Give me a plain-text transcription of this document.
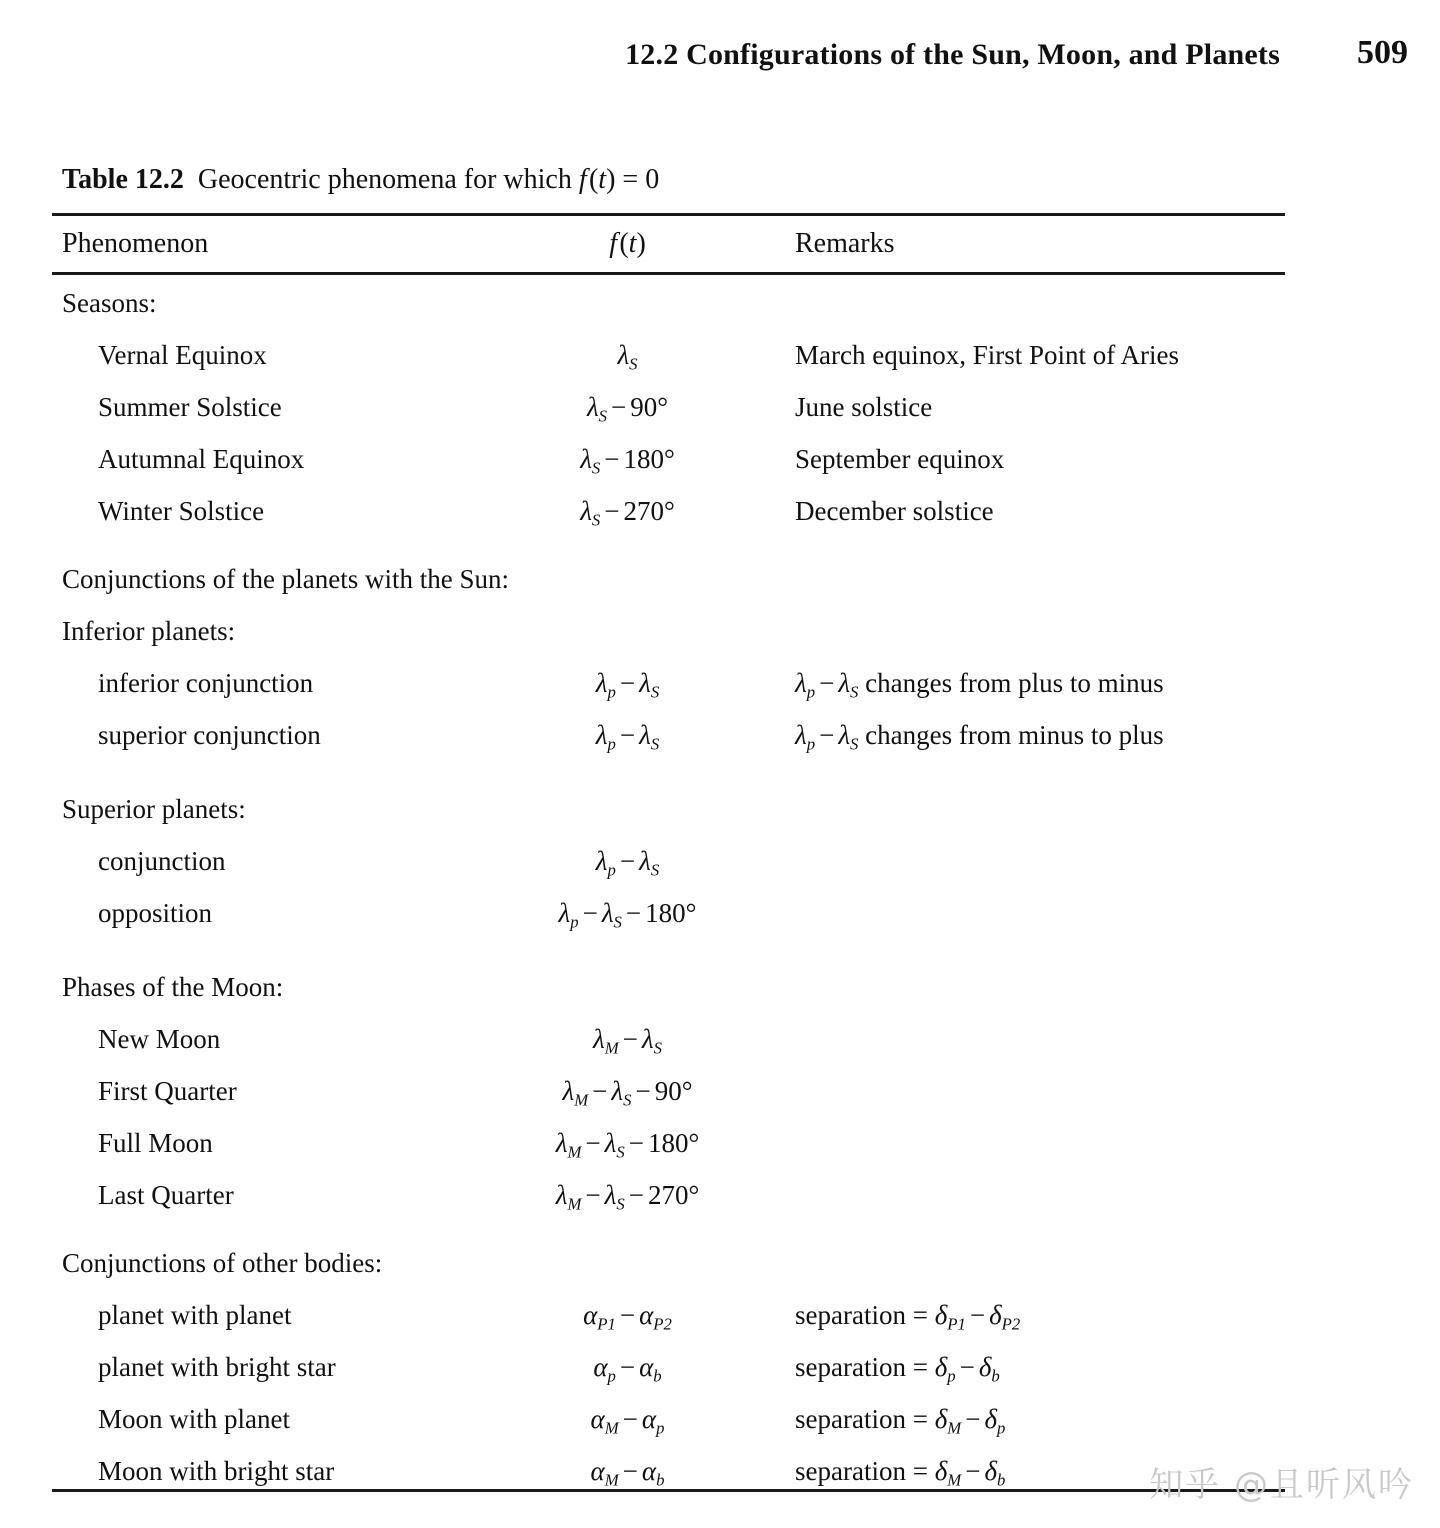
12.2 Configurations of the Sun, Moon, and Planets 509
Table 12.2 Geocentric phenomena for which f (t) = 0
Phenomenon	f (t)	Remarks
Seasons:
Vernal Equinox	$\lambda_S$	March equinox, First Point of Aries
Summer Solstice	$\lambda_S - 90^\circ$	June solstice
Autumnal Equinox	$\lambda_S - 180^\circ$	September equinox
Winter Solstice	$\lambda_S - 270^\circ$	December solstice
Conjunctions of the planets with the Sun:
Inferior planets:
inferior conjunction	$\lambda_p - \lambda_S$	$\lambda_p - \lambda_S$ changes from plus to minus
superior conjunction	$\lambda_p - \lambda_S$	$\lambda_p - \lambda_S$ changes from minus to plus
Superior planets:
conjunction	$\lambda_p - \lambda_S$
opposition	$\lambda_p - \lambda_S - 180^\circ$
Phases of the Moon:
New Moon	$\lambda_M - \lambda_S$
First Quarter	$\lambda_M - \lambda_S - 90^\circ$
Full Moon	$\lambda_M - \lambda_S - 180^\circ$
Last Quarter	$\lambda_M - \lambda_S - 270^\circ$
Conjunctions of other bodies:
planet with planet	$\alpha_{P1} - \alpha_{P2}$	separation = $\delta_{P1} - \delta_{P2}$
planet with bright star	$\alpha_p - \alpha_b$	separation = $\delta_p - \delta_b$
Moon with planet	$\alpha_M - \alpha_p$	separation = $\delta_M - \delta_p$
Moon with bright star	$\alpha_M - \alpha_b$	separation = $\delta_M - \delta_b$	知乎 @且听风吟
